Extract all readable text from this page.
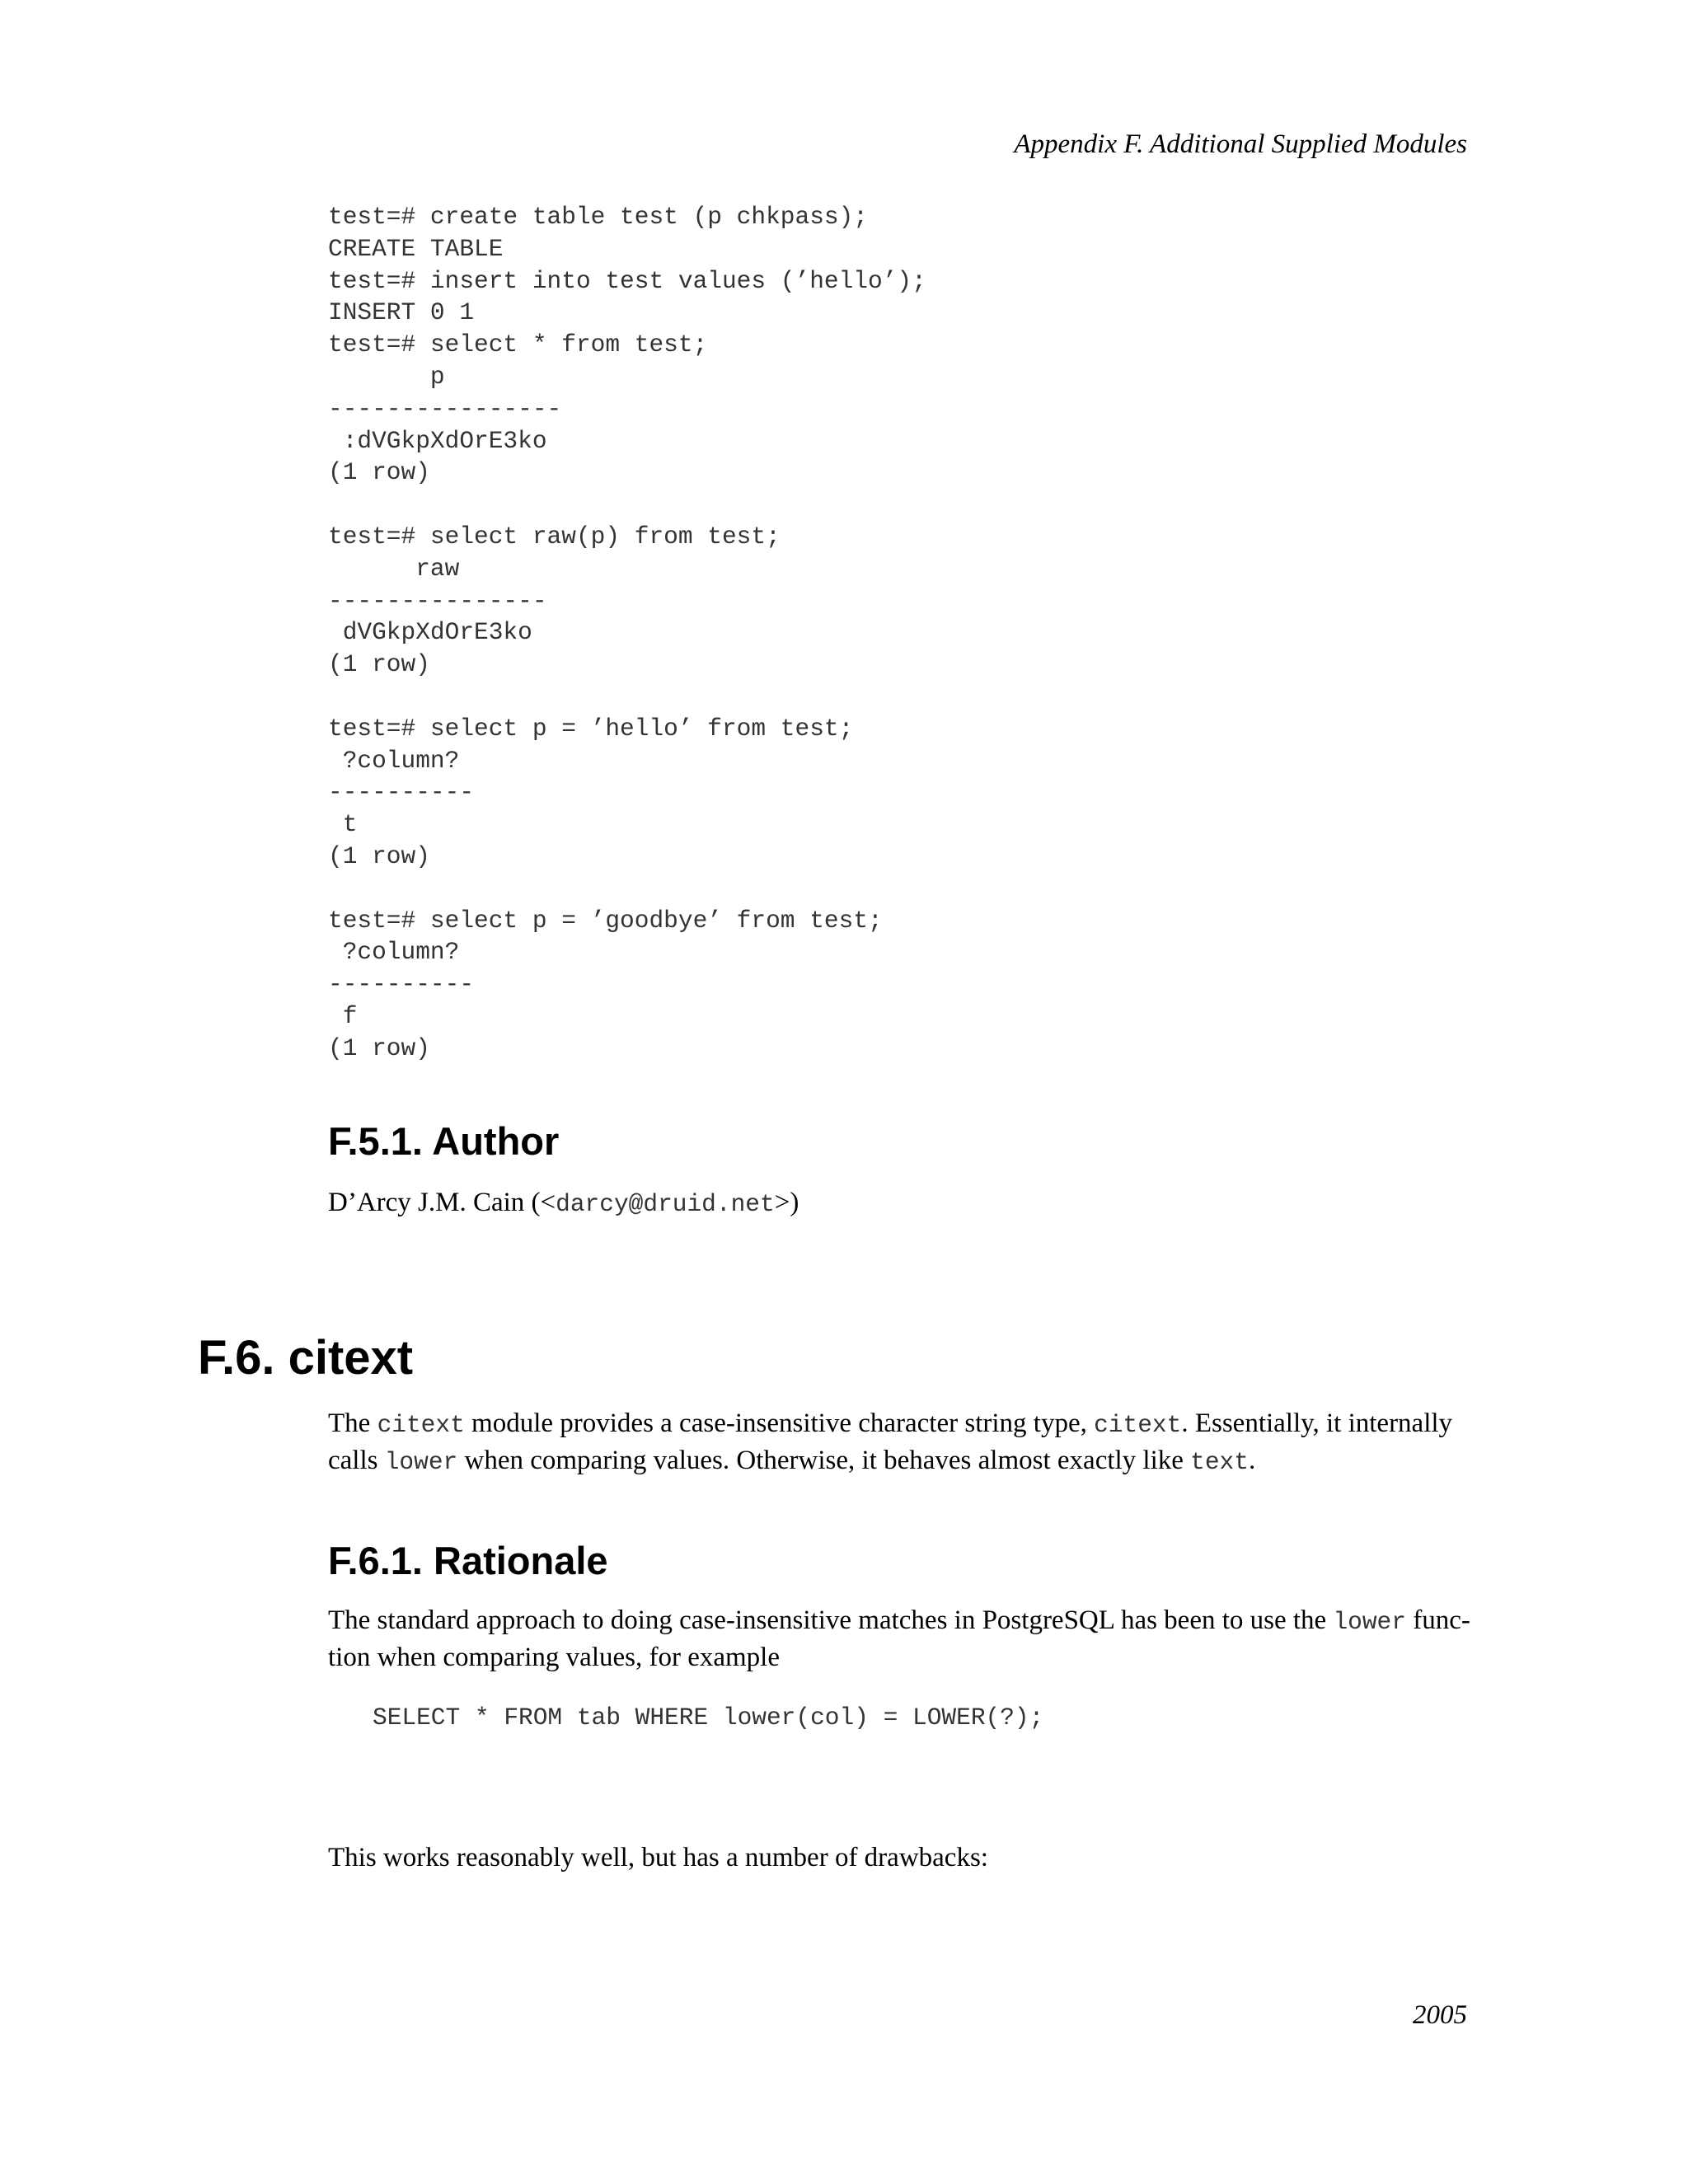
Appendix F. Additional Supplied Modules
test=# create table test (p chkpass);
CREATE TABLE
test=# insert into test values (’hello’);
INSERT 0 1
test=# select * from test;
p
----------------
:dVGkpXdOrE3ko
(1 row)
test=# select raw(p) from test;
raw
---------------
dVGkpXdOrE3ko
(1 row)
test=# select p = ’hello’ from test;
?column?
----------
t
(1 row)
test=# select p = ’goodbye’ from test;
?column?
----------
f
(1 row)
F.5.1. Author

D’Arcy J.M. Cain (<darcy@druid.net>)

F.6. citext

The citext module provides a case-insensitive character string type, citext. Essentially, it internally calls lower when comparing values. Otherwise, it behaves almost exactly like text.

F.6.1. Rationale

The standard approach to doing case-insensitive matches in PostgreSQL has been to use the lower func-tion when comparing values, for example

SELECT * FROM tab WHERE lower(col) = LOWER(?);

This works reasonably well, but has a number of drawbacks:

2005
